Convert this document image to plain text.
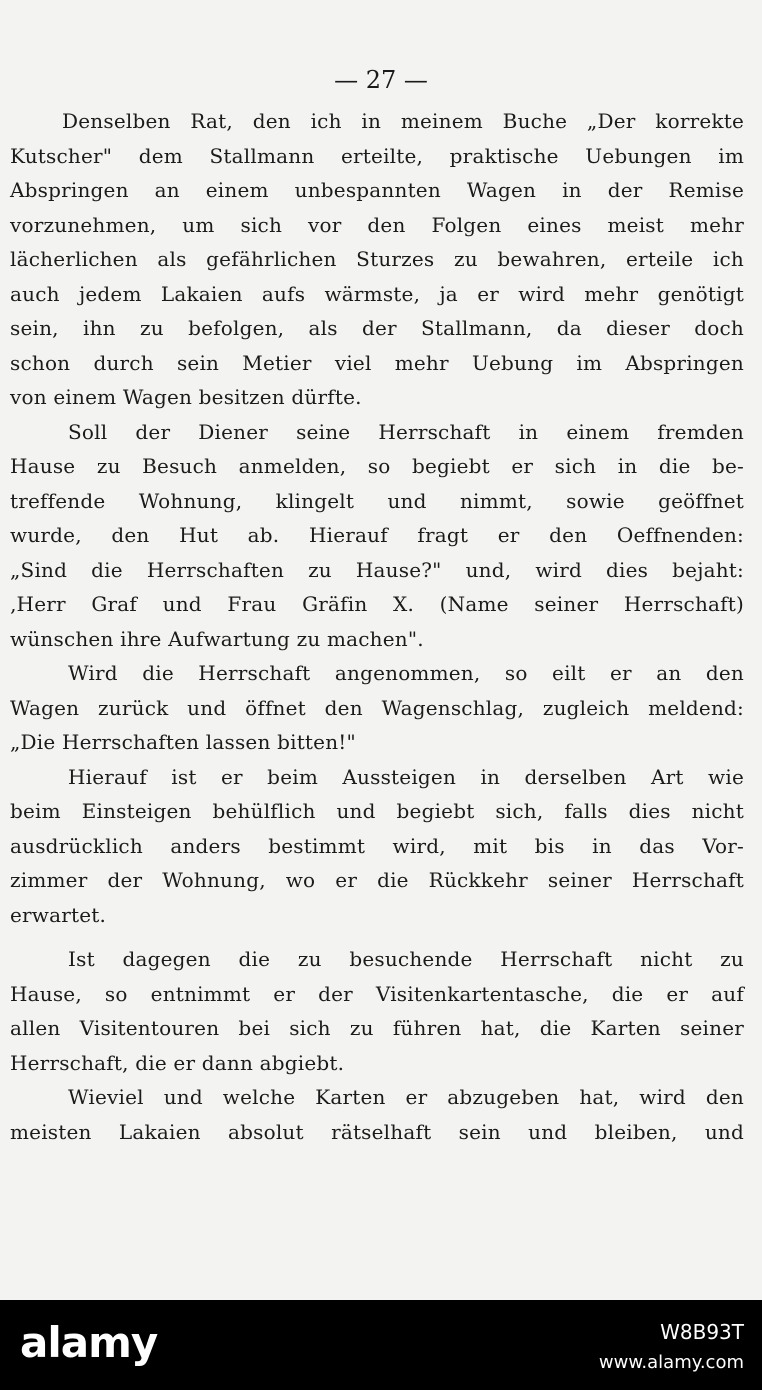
— 27 —
Denselben Rat, den ich in meinem Buche „Der korrekte
Kutscher" dem Stallmann erteilte, praktische Uebungen im
Abspringen an einem unbespannten Wagen in der Remise
vorzunehmen, um sich vor den Folgen eines meist mehr
lächerlichen als gefährlichen Sturzes zu bewahren, erteile ich
auch jedem Lakaien aufs wärmste, ja er wird mehr genötigt
sein, ihn zu befolgen, als der Stallmann, da dieser doch
schon durch sein Metier viel mehr Uebung im Abspringen
von einem Wagen besitzen dürfte.
Soll der Diener seine Herrschaft in einem fremden
Hause zu Besuch anmelden, so begiebt er sich in die be-
treffende Wohnung, klingelt und nimmt, sowie geöffnet
wurde, den Hut ab. Hierauf fragt er den Oeffnenden:
„Sind die Herrschaften zu Hause?" und, wird dies bejaht:
‚Herr Graf und Frau Gräfin X. (Name seiner Herrschaft)
wünschen ihre Aufwartung zu machen".
Wird die Herrschaft angenommen, so eilt er an den
Wagen zurück und öffnet den Wagenschlag, zugleich meldend:
„Die Herrschaften lassen bitten!"
Hierauf ist er beim Aussteigen in derselben Art wie
beim Einsteigen behülflich und begiebt sich, falls dies nicht
ausdrücklich anders bestimmt wird, mit bis in das Vor-
zimmer der Wohnung, wo er die Rückkehr seiner Herrschaft
erwartet.
Ist dagegen die zu besuchende Herrschaft nicht zu
Hause, so entnimmt er der Visitenkartentasche, die er auf
allen Visitentouren bei sich zu führen hat, die Karten seiner
Herrschaft, die er dann abgiebt.
Wieviel und welche Karten er abzugeben hat, wird den
meisten Lakaien absolut rätselhaft sein und bleiben, und
alamy	W8B93T
www.alamy.com
